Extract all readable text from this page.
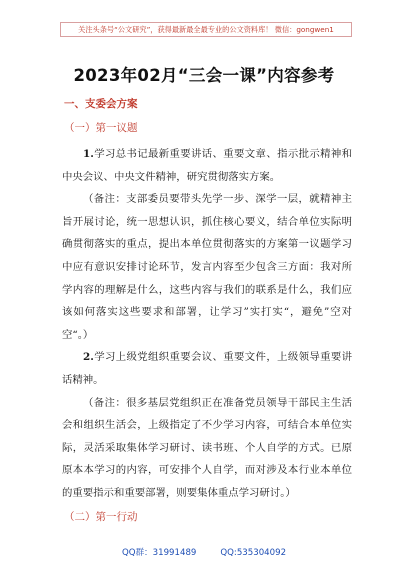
关注头条号“公文研究”，获得最新最全最专业的公文资料库！ 微信：gongwen1
2023年02月“三会一课”内容参考
一、支委会方案
（一）第一议题

1.学习总书记最新重要讲话、重要文章、指示批示精神和中央会议、中央文件精神，研究贯彻落实方案。

（备注：支部委员要带头先学一步、深学一层，就精神主旨开展讨论，统一思想认识，抓住核心要义，结合单位实际明确贯彻落实的重点，提出本单位贯彻落实的方案第一议题学习中应有意识安排讨论环节，发言内容至少包含三方面：我对所学内容的理解是什么，这些内容与我们的联系是什么，我们应该如何落实这些要求和部署，让学习”实打实“，避免”空对空“。）

2.学习上级党组织重要会议、重要文件，上级领导重要讲话精神。

（备注：很多基层党组织正在准备党员领导干部民主生活会和组织生活会，上级指定了不少学习内容，可结合本单位实际，灵活采取集体学习研讨、读书班、个人自学的方式。已原原本本学习的内容，可安排个人自学，而对涉及本行业本单位的重要指示和重要部署，则要集体重点学习研讨。）

（二）第一行动
QQ群：31991489	QQ:535304092
